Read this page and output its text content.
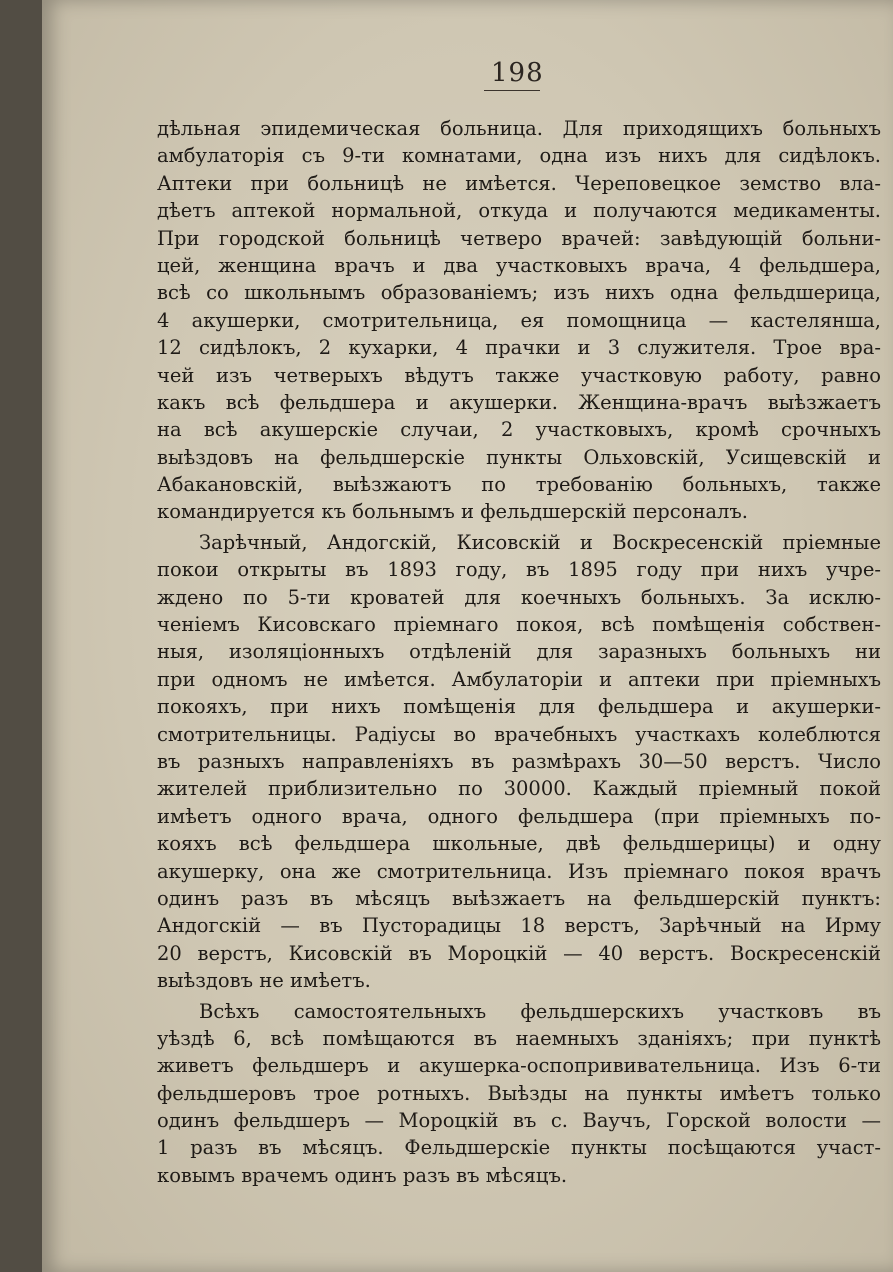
198
дѣльная эпидемическая больница. Для приходящихъ больныхъ
амбулаторія съ 9-ти комнатами, одна изъ нихъ для сидѣлокъ.
Аптеки при больницѣ не имѣется. Череповецкое земство вла-
дѣетъ аптекой нормальной, откуда и получаются медикаменты.
При городской больницѣ четверо врачей: завѣдующій больни-
цей, женщина врачъ и два участковыхъ врача, 4 фельдшера,
всѣ со школьнымъ образованіемъ; изъ нихъ одна фельдшерица,
4 акушерки, смотрительница, ея помощница — кастелянша,
12 сидѣлокъ, 2 кухарки, 4 прачки и 3 служителя. Трое вра-
чей изъ четверыхъ вѣдутъ также участковую работу, равно
какъ всѣ фельдшера и акушерки. Женщина-врачъ выѣзжаетъ
на всѣ акушерскіе случаи, 2 участковыхъ, кромѣ срочныхъ
выѣздовъ на фельдшерскіе пункты Ольховскій, Усищевскій и
Абакановскій, выѣзжаютъ по требованію больныхъ, также
командируется къ больнымъ и фельдшерскій персоналъ.
Зарѣчный, Андогскій, Кисовскій и Воскресенскій пріемные
покои открыты въ 1893 году, въ 1895 году при нихъ учре-
ждено по 5-ти кроватей для коечныхъ больныхъ. За исклю-
ченіемъ Кисовскаго пріемнаго покоя, всѣ помѣщенія собствен-
ныя, изоляціонныхъ отдѣленій для заразныхъ больныхъ ни
при одномъ не имѣется. Амбулаторіи и аптеки при пріемныхъ
покояхъ, при нихъ помѣщенія для фельдшера и акушерки-
смотрительницы. Радіусы во врачебныхъ участкахъ колеблются
въ разныхъ направленіяхъ въ размѣрахъ 30—50 верстъ. Число
жителей приблизительно по 30000. Каждый пріемный покой
имѣетъ одного врача, одного фельдшера (при пріемныхъ по-
кояхъ всѣ фельдшера школьные, двѣ фельдшерицы) и одну
акушерку, она же смотрительница. Изъ пріемнаго покоя врачъ
одинъ разъ въ мѣсяцъ выѣзжаетъ на фельдшерскій пунктъ:
Андогскій — въ Пусторадицы 18 верстъ, Зарѣчный на Ирму
20 верстъ, Кисовскій въ Мороцкій — 40 верстъ. Воскресенскій
выѣздовъ не имѣетъ.
Всѣхъ самостоятельныхъ фельдшерскихъ участковъ въ
уѣздѣ 6, всѣ помѣщаются въ наемныхъ зданіяхъ; при пунктѣ
живетъ фельдшеръ и акушерка-оспопрививательница. Изъ 6-ти
фельдшеровъ трое ротныхъ. Выѣзды на пункты имѣетъ только
одинъ фельдшеръ — Мороцкій въ с. Ваучъ, Горской волости —
1 разъ въ мѣсяцъ. Фельдшерскіе пункты посѣщаются участ-
ковымъ врачемъ одинъ разъ въ мѣсяцъ.
